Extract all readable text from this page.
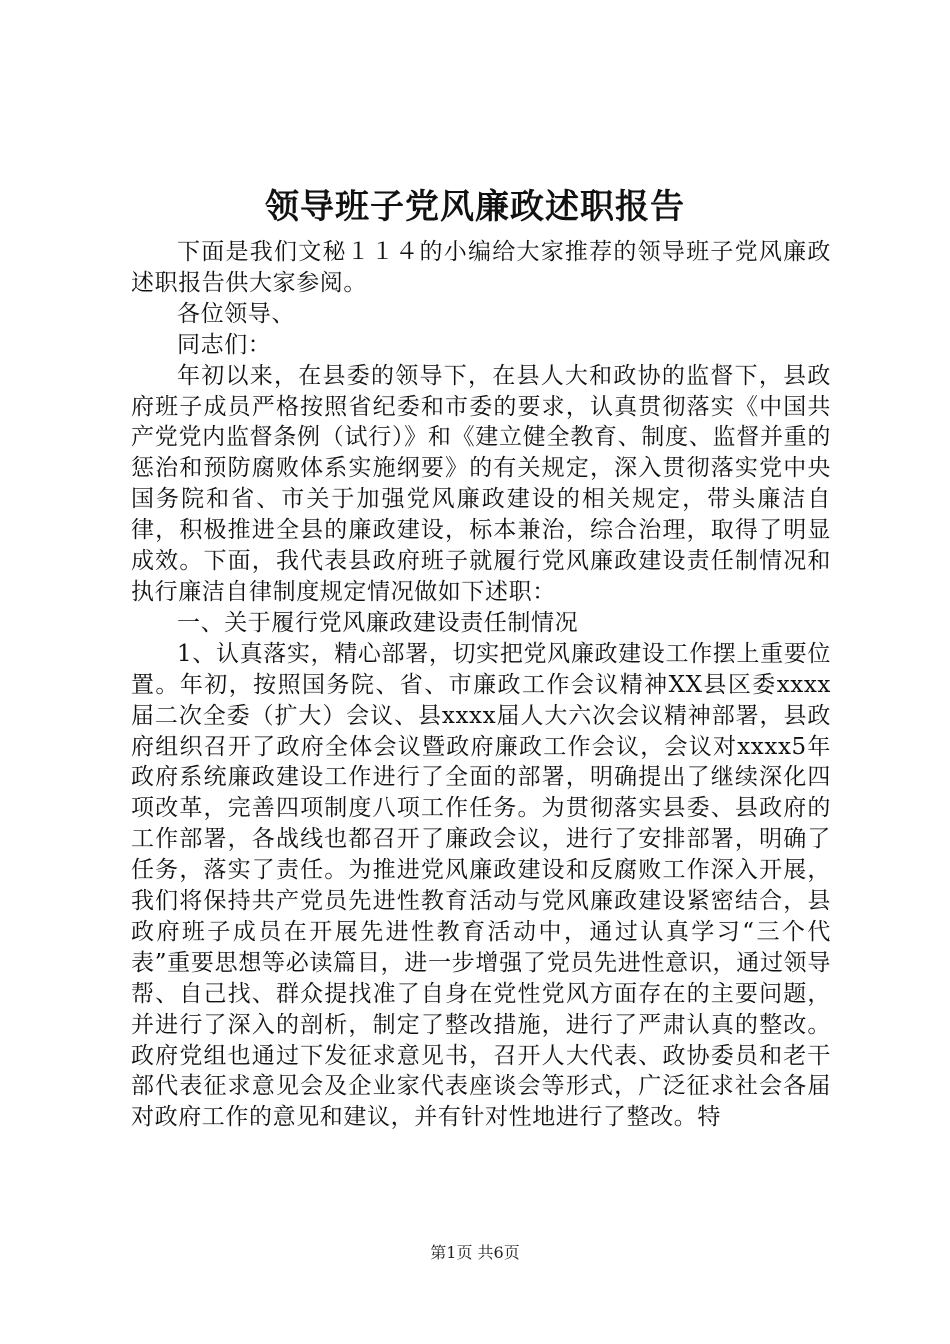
领导班子党风廉政述职报告

下面是我们文秘１１４的小编给大家推荐的领导班子党风廉政述职报告供大家参阅。

各位领导、

同志们：

年初以来，在县委的领导下，在县人大和政协的监督下，县政府班子成员严格按照省纪委和市委的要求，认真贯彻落实《中国共产党党内监督条例（试行）》和《建立健全教育、制度、监督并重的惩治和预防腐败体系实施纲要》的有关规定，深入贯彻落实党中央国务院和省、市关于加强党风廉政建设的相关规定，带头廉洁自律，积极推进全县的廉政建设，标本兼治，综合治理，取得了明显成效。下面，我代表县政府班子就履行党风廉政建设责任制情况和执行廉洁自律制度规定情况做如下述职：

一、关于履行党风廉政建设责任制情况

1、认真落实，精心部署，切实把党风廉政建设工作摆上重要位置。年初，按照国务院、省、市廉政工作会议精神XX县区委xxxx届二次全委（扩大）会议、县xxxx届人大六次会议精神部署，县政府组织召开了政府全体会议暨政府廉政工作会议，会议对xxxx5年政府系统廉政建设工作进行了全面的部署，明确提出了继续深化四项改革，完善四项制度八项工作任务。为贯彻落实县委、县政府的工作部署，各战线也都召开了廉政会议，进行了安排部署，明确了任务，落实了责任。为推进党风廉政建设和反腐败工作深入开展，我们将保持共产党员先进性教育活动与党风廉政建设紧密结合，县政府班子成员在开展先进性教育活动中，通过认真学习“三个代表”重要思想等必读篇目，进一步增强了党员先进性意识，通过领导帮、自己找、群众提找准了自身在党性党风方面存在的主要问题，并进行了深入的剖析，制定了整改措施，进行了严肃认真的整改。政府党组也通过下发征求意见书，召开人大代表、政协委员和老干部代表征求意见会及企业家代表座谈会等形式，广泛征求社会各届对政府工作的意见和建议，并有针对性地进行了整改。特

第1页 共6页
